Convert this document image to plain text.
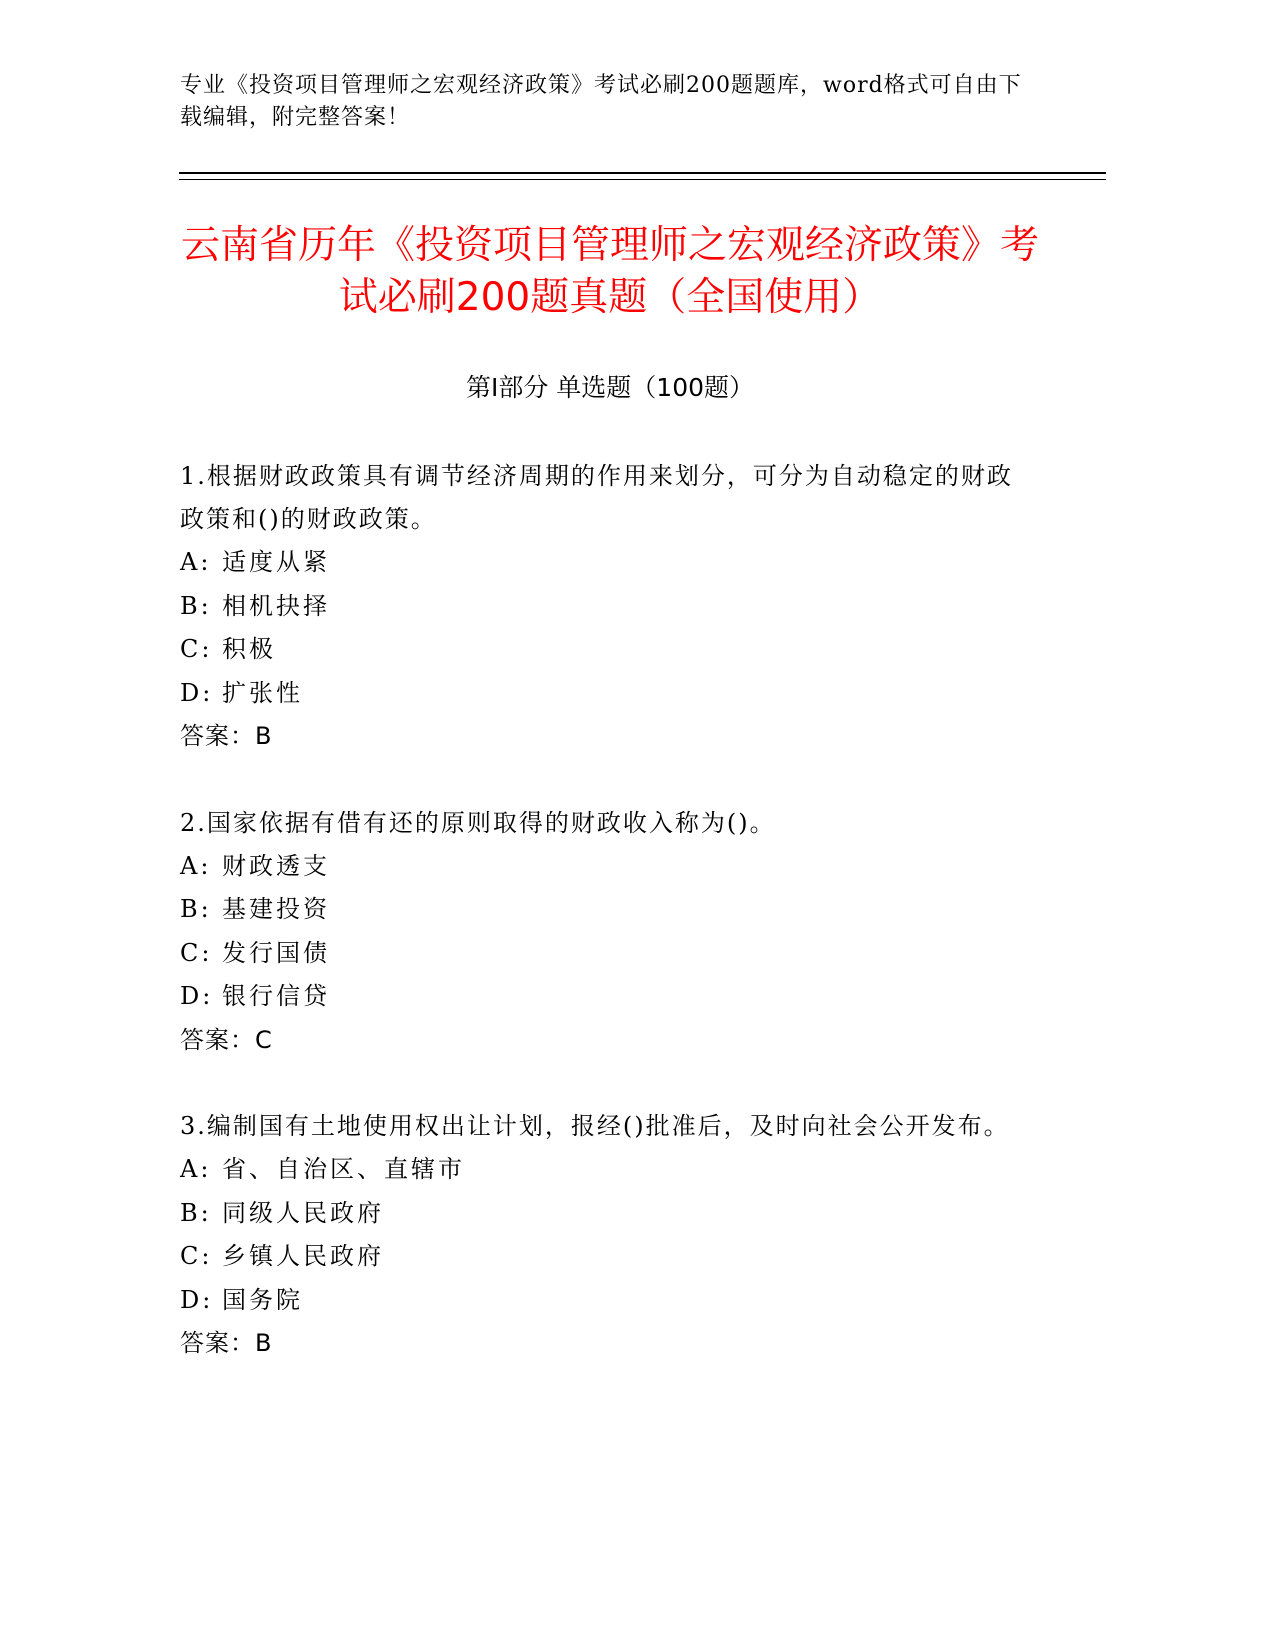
专业《投资项目管理师之宏观经济政策》考试必刷200题题库，word格式可自由下载编辑，附完整答案！
云南省历年《投资项目管理师之宏观经济政策》考试必刷200题真题（全国使用）
第Ⅰ部分 单选题（100题）
1.根据财政政策具有调节经济周期的作用来划分，可分为自动稳定的财政政策和()的财政政策。
A: 适度从紧
B: 相机抉择
C: 积极
D: 扩张性
答案：B
2.国家依据有借有还的原则取得的财政收入称为()。
A: 财政透支
B: 基建投资
C: 发行国债
D: 银行信贷
答案：C
3.编制国有土地使用权出让计划，报经()批准后，及时向社会公开发布。
A: 省、自治区、直辖市
B: 同级人民政府
C: 乡镇人民政府
D: 国务院
答案：B
